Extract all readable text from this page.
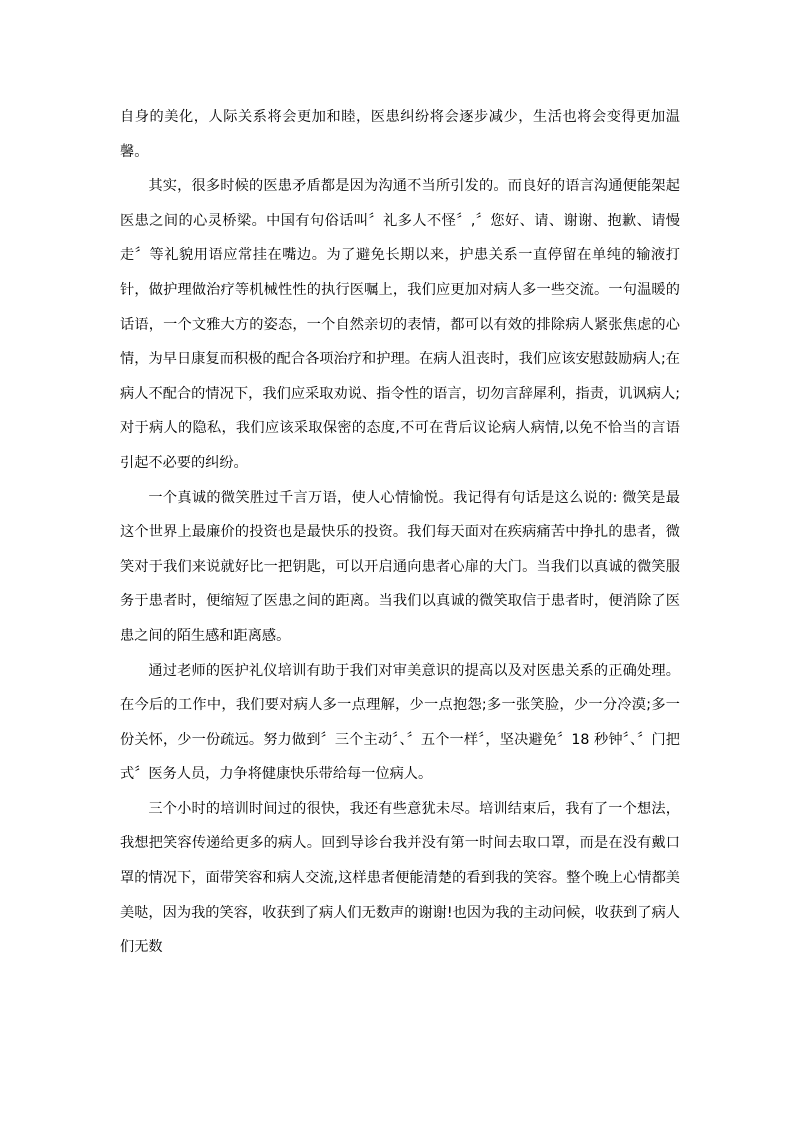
自身的美化，人际关系将会更加和睦，医患纠纷将会逐步减少，生活也将会变得更加温馨。

其实，很多时候的医患矛盾都是因为沟通不当所引发的。而良好的语言沟通便能架起医患之间的心灵桥梁。中国有句俗话叫〞礼多人不怪〞,〞您好、请、谢谢、抱歉、请慢走〞等礼貌用语应常挂在嘴边。为了避免长期以来，护患关系一直停留在单纯的输液打针，做护理做治疗等机械性性的执行医嘱上，我们应更加对病人多一些交流。一句温暖的话语，一个文雅大方的姿态，一个自然亲切的表情，都可以有效的排除病人紧张焦虑的心情，为早日康复而积极的配合各项治疗和护理。在病人沮丧时，我们应该安慰鼓励病人;在病人不配合的情况下，我们应采取劝说、指令性的语言，切勿言辞犀利，指责，讥讽病人;对于病人的隐私，我们应该采取保密的态度,不可在背后议论病人病情,以免不恰当的言语引起不必要的纠纷。

一个真诚的微笑胜过千言万语，使人心情愉悦。我记得有句话是这么说的: 微笑是最这个世界上最廉价的投资也是最快乐的投资。我们每天面对在疾病痛苦中挣扎的患者，微笑对于我们来说就好比一把钥匙，可以开启通向患者心扉的大门。当我们以真诚的微笑服务于患者时，便缩短了医患之间的距离。当我们以真诚的微笑取信于患者时，便消除了医患之间的陌生感和距离感。

通过老师的医护礼仪培训有助于我们对审美意识的提高以及对医患关系的正确处理。在今后的工作中，我们要对病人多一点理解，少一点抱怨;多一张笑脸，少一分冷漠;多一份关怀，少一份疏远。努力做到〞三个主动〞、〞五个一样〞，坚决避免〞18 秒钟〞、〞门把式〞医务人员，力争将健康快乐带给每一位病人。

三个小时的培训时间过的很快，我还有些意犹未尽。培训结束后，我有了一个想法，我想把笑容传递给更多的病人。回到导诊台我并没有第一时间去取口罩，而是在没有戴口罩的情况下，面带笑容和病人交流,这样患者便能清楚的看到我的笑容。整个晚上心情都美美哒，因为我的笑容，收获到了病人们无数声的谢谢!也因为我的主动问候，收获到了病人们无数
